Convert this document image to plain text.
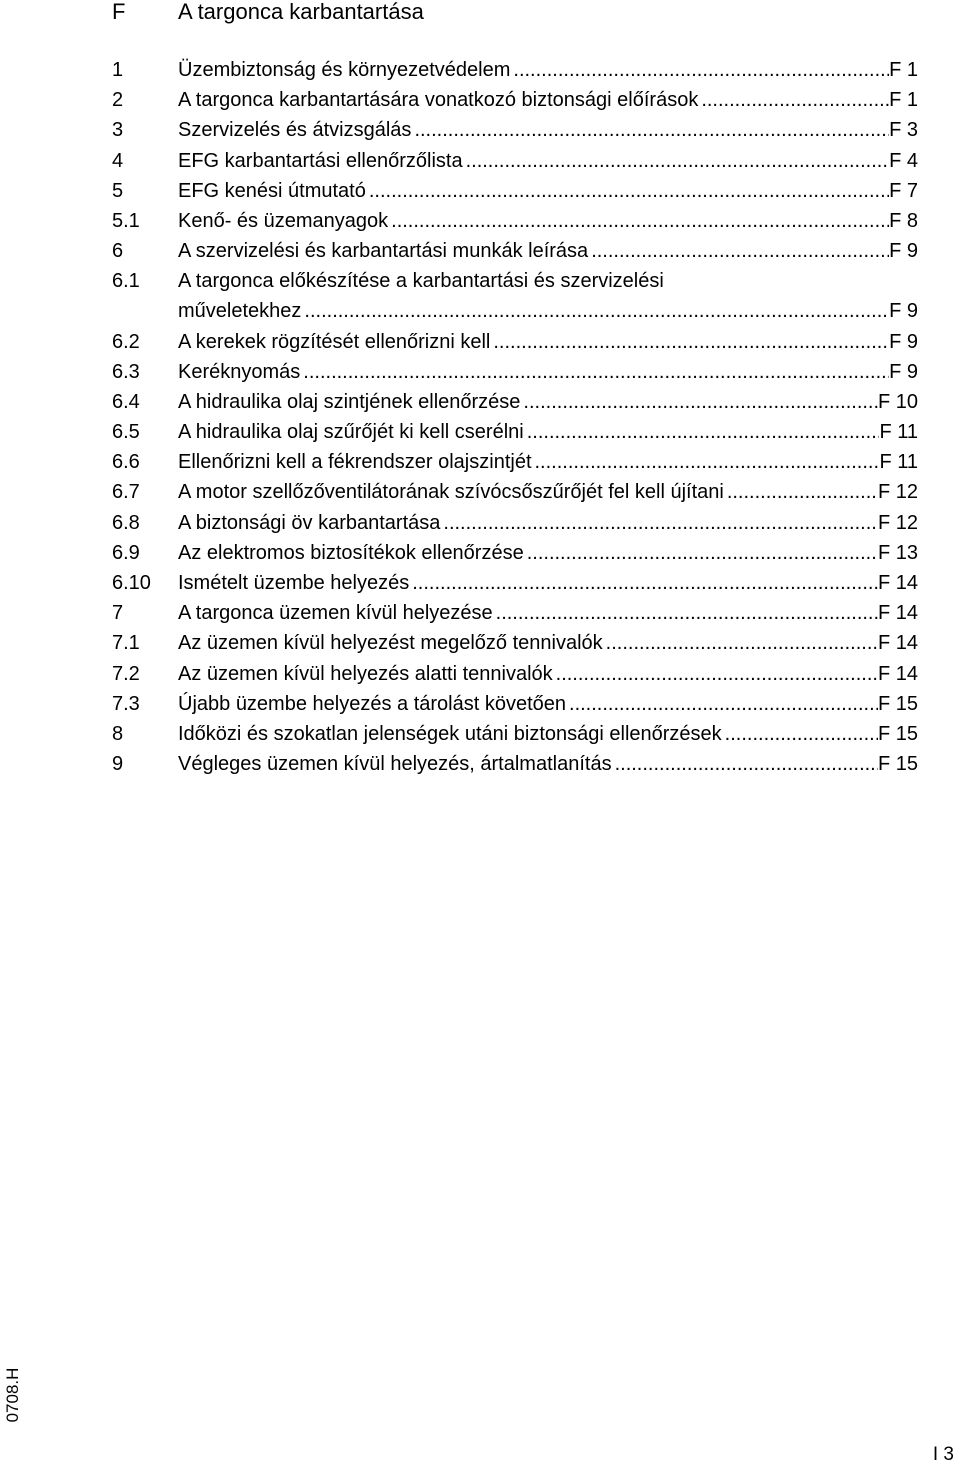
F A targonca karbantartása
1	Üzembiztonság és környezetvédelem .....	F 1
2	A targonca karbantartására vonatkozó biztonsági előírások .....	F 1
3	Szervizelés és átvizsgálás .....	F 3
4	EFG karbantartási ellenőrzőlista .....	F 4
5	EFG kenési útmutató .....	F 7
5.1 Kenő- és üzemanyagok .....	F 8
6	A szervizelési és karbantartási munkák leírása .....	F 9
6.1 A targonca előkészítése a karbantartási és szervizelési
műveletekhez .....	F 9
6.2 A kerekek rögzítését ellenőrizni kell .....	F 9
6.3 Keréknyomás .....	F 9
6.4 A hidraulika olaj szintjének ellenőrzése .....	F 10
6.5 A hidraulika olaj szűrőjét ki kell cserélni .....	F 11
6.6 Ellenőrizni kell a fékrendszer olajszintjét .....	F 11
6.7 A motor szellőzőventilátorának szívócsőszűrőjét fel kell újítani .....	F 12
6.8 A biztonsági öv karbantartása .....	F 12
6.9 Az elektromos biztosítékok ellenőrzése .....	F 13
6.10 Ismételt üzembe helyezés .....	F 14
7	A targonca üzemen kívül helyezése .....	F 14
7.1 Az üzemen kívül helyezést megelőző tennivalók .....	F 14
7.2 Az üzemen kívül helyezés alatti tennivalók .....	F 14
7.3 Újabb üzembe helyezés a tárolást követően .....	F 15
8	Időközi és szokatlan jelenségek utáni biztonsági ellenőrzések .....	F 15
9	Végleges üzemen kívül helyezés, ártalmatlanítás .....	F 15
0708.H
I 3
